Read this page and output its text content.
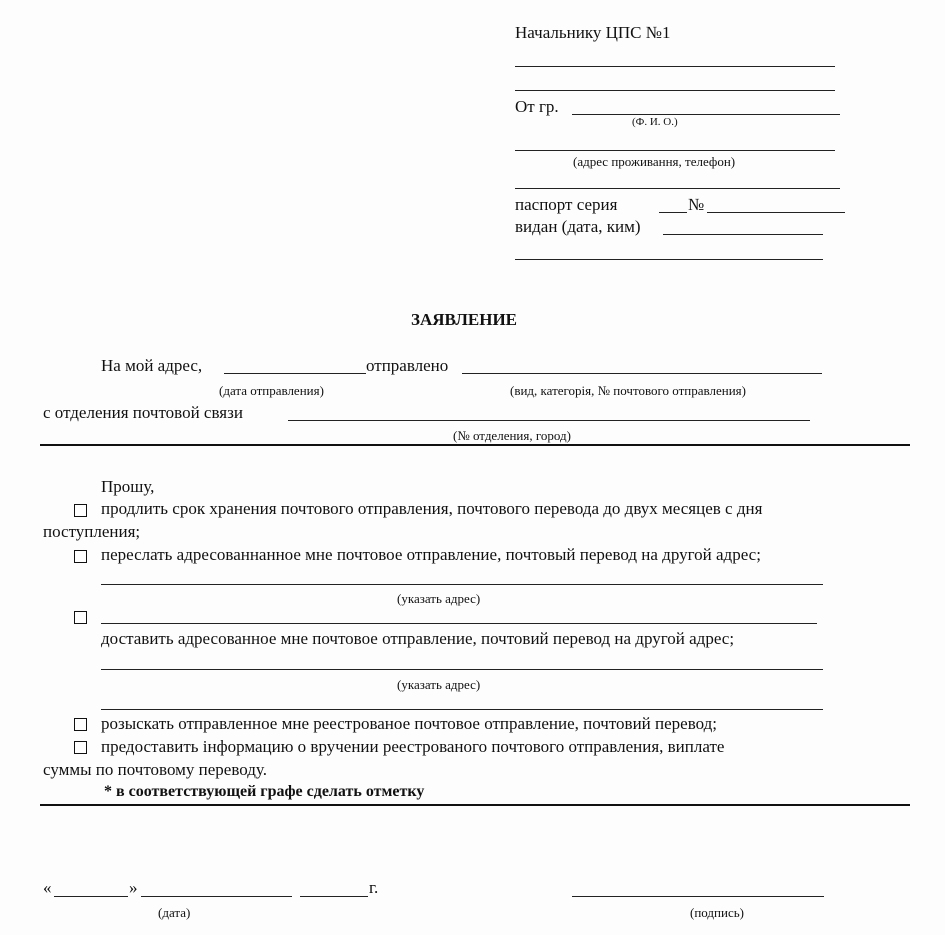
Начальнику ЦПС №1
От гр.
(Ф. И. О.)
(адрес проживання, телефон)
паспорт серия	№
видан (дата, ким)
ЗАЯВЛЕНИЕ
На мой адрес,	отправлено
(дата отправления)	(вид, категорія, № почтового отправления)
с отделения почтовой связи
(№ отделения, город)
Прошу,
продлить срок хранения почтового отправления, почтового перевода до двух месяцев с дня
поступления;
переслать адресованнанное мне почтовое отправление, почтовый перевод на другой адрес;
(указать адрес)
доставить адресованное мне почтовое отправление, почтовий перевод на другой адрес;
(указать адрес)
розыскать отправленное мне реестрованое почтовое отправление, почтовий перевод;
предоставить інформацию о вручении реестрованого почтового отправления, виплате
суммы по почтовому переводу.
* в соответствующей графе сделать отметку
«	»	г.
(дата)	(подпись)
